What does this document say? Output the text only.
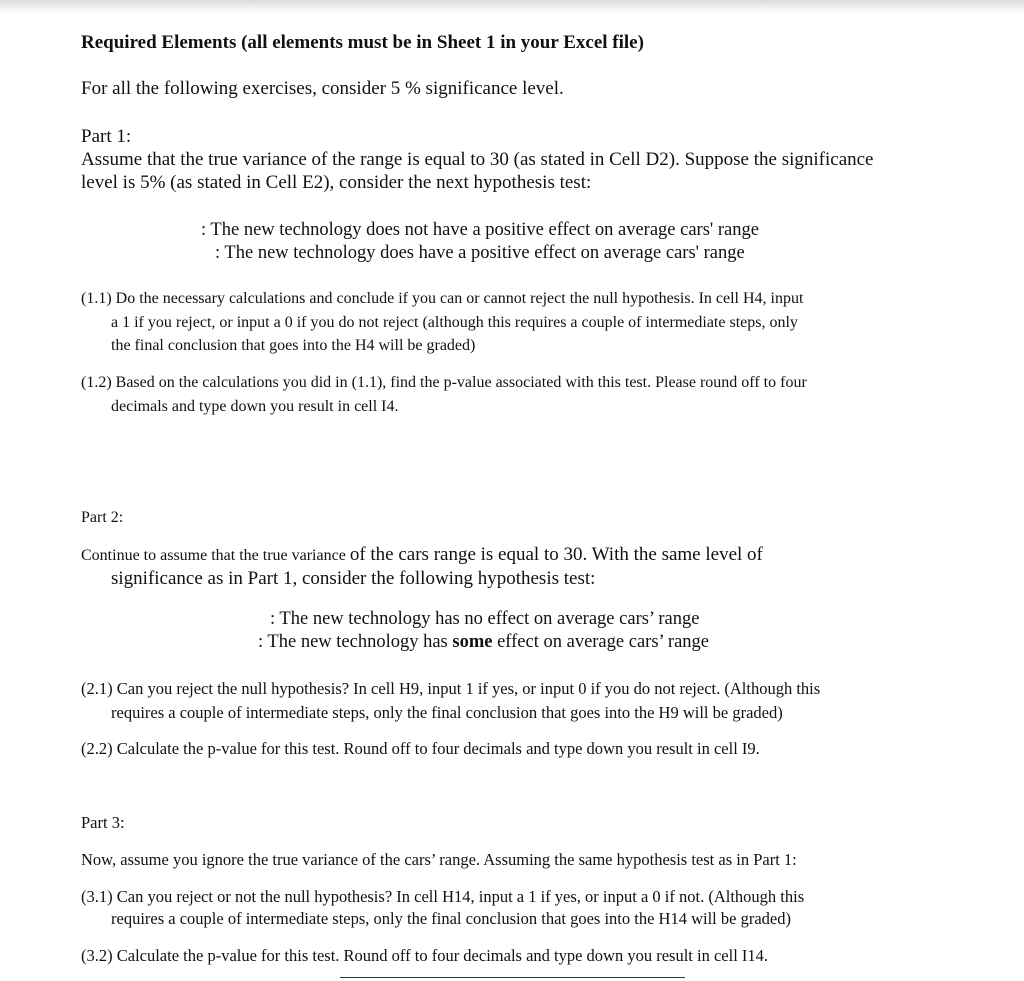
Required Elements (all elements must be in Sheet 1 in your Excel file)

For all the following exercises, consider 5 % significance level.

Part 1:

Assume that the true variance of the range is equal to 30 (as stated in Cell D2). Suppose the significance

level is 5% (as stated in Cell E2), consider the next hypothesis test:

: The new technology does not have a positive effect on average cars' range

: The new technology does have a positive effect on average cars' range

(1.1) Do the necessary calculations and conclude if you can or cannot reject the null hypothesis. In cell H4, input

a 1 if you reject, or input a 0 if you do not reject (although this requires a couple of intermediate steps, only

the final conclusion that goes into the H4 will be graded)

(1.2) Based on the calculations you did in (1.1), find the p-value associated with this test. Please round off to four

decimals and type down you result in cell I4.

Part 2:

Continue to assume that the true variance of the cars range is equal to 30. With the same level of

significance as in Part 1, consider the following hypothesis test:

: The new technology has no effect on average cars’ range

: The new technology has some effect on average cars’ range

(2.1) Can you reject the null hypothesis? In cell H9, input 1 if yes, or input 0 if you do not reject. (Although this

requires a couple of intermediate steps, only the final conclusion that goes into the H9 will be graded)

(2.2) Calculate the p-value for this test. Round off to four decimals and type down you result in cell I9.

Part 3:

Now, assume you ignore the true variance of the cars’ range. Assuming the same hypothesis test as in Part 1:

(3.1) Can you reject or not the null hypothesis? In cell H14, input a 1 if yes, or input a 0 if not. (Although this

requires a couple of intermediate steps, only the final conclusion that goes into the H14 will be graded)

(3.2) Calculate the p-value for this test. Round off to four decimals and type down you result in cell I14.
